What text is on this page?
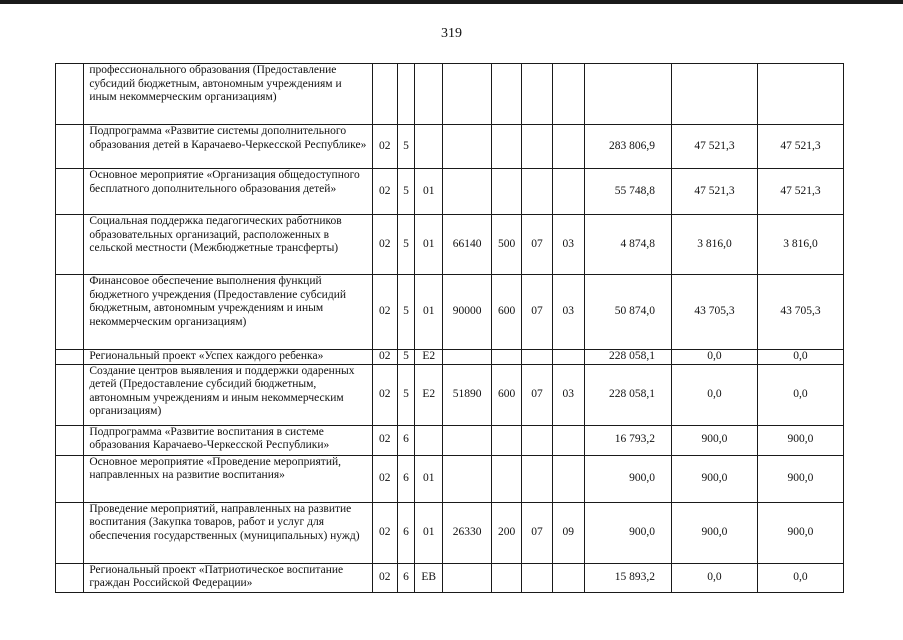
319
	профессионального образования (Предоставление субсидий бюджетным, автономным учреждениям и иным некоммерческим организациям)										
	Подпрограмма «Развитие системы дополнительного образования детей в Карачаево-Черкесской Республике»	02	5						283 806,9	47 521,3	47 521,3
	Основное мероприятие «Организация общедоступного бесплатного дополнительного образования детей»	02	5	01					55 748,8	47 521,3	47 521,3
	Социальная поддержка педагогических работников образовательных организаций, расположенных в сельской местности (Межбюджетные трансферты)	02	5	01	66140	500	07	03	4 874,8	3 816,0	3 816,0
	Финансовое обеспечение выполнения функций бюджетного учреждения (Предоставление субсидий бюджетным, автономным учреждениям и иным некоммерческим организациям)	02	5	01	90000	600	07	03	50 874,0	43 705,3	43 705,3
	Региональный проект «Успех каждого ребенка»	02	5	E2					228 058,1	0,0	0,0
	Создание центров выявления и поддержки одаренных детей (Предоставление субсидий бюджетным, автономным учреждениям и иным некоммерческим организациям)	02	5	E2	51890	600	07	03	228 058,1	0,0	0,0
	Подпрограмма «Развитие воспитания в системе образования Карачаево-Черкесской Республики»	02	6						16 793,2	900,0	900,0
	Основное мероприятие «Проведение мероприятий, направленных на развитие воспитания»	02	6	01					900,0	900,0	900,0
	Проведение мероприятий, направленных на развитие воспитания (Закупка товаров, работ и услуг для обеспечения государственных (муниципальных) нужд)	02	6	01	26330	200	07	09	900,0	900,0	900,0
	Региональный проект «Патриотическое воспитание граждан Российской Федерации»	02	6	EB					15 893,2	0,0	0,0
